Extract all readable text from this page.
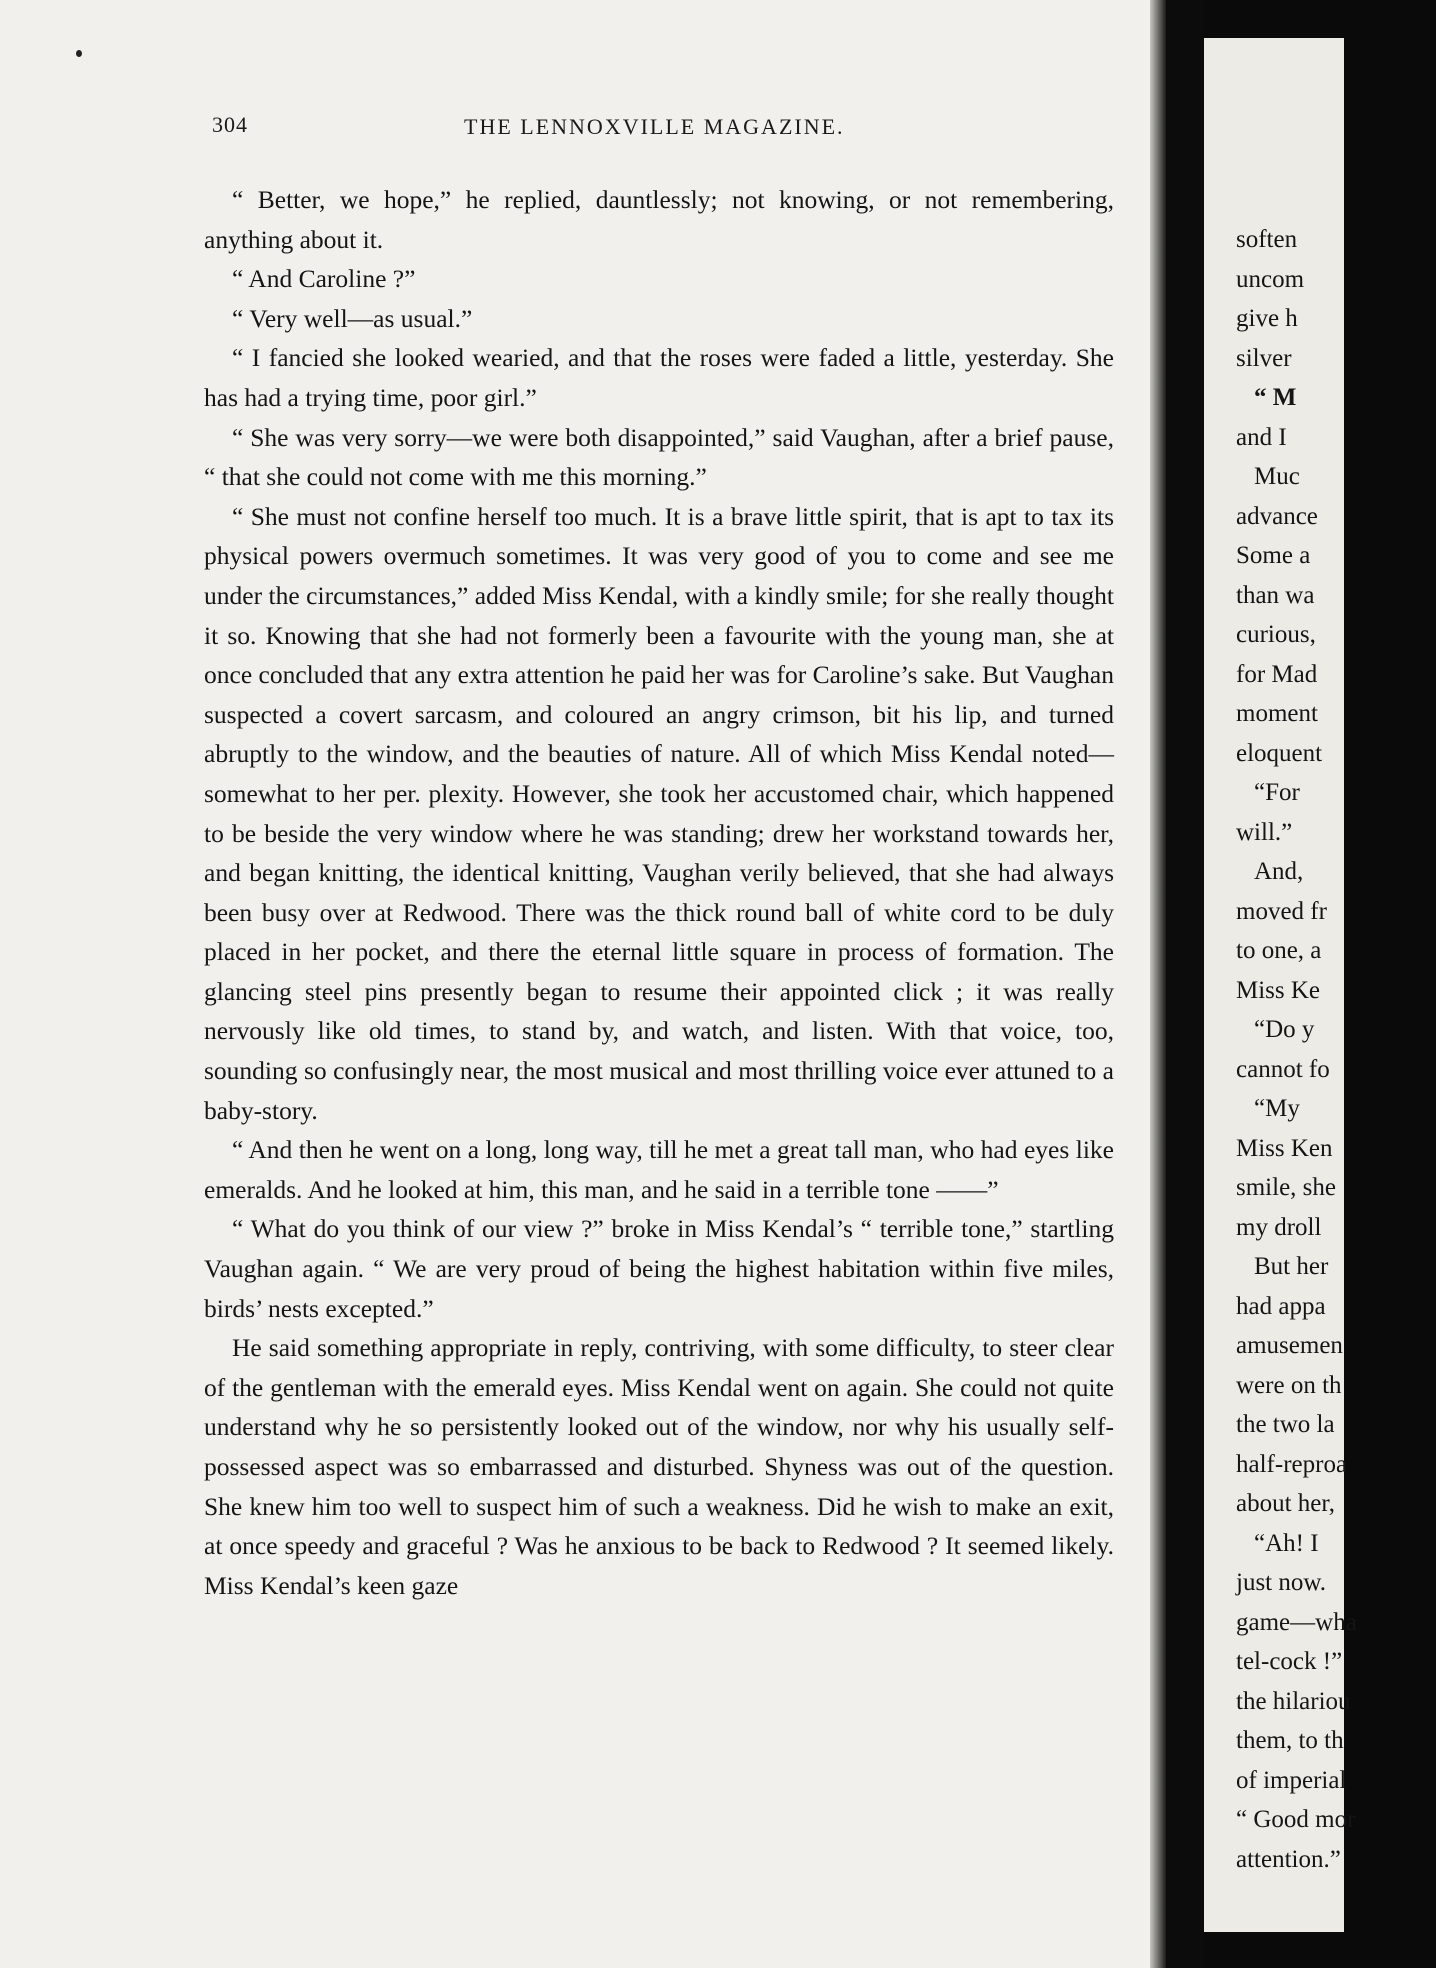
304	THE LENNOXVILLE MAGAZINE.

“ Better, we hope,” he replied, dauntlessly; not knowing, or not remembering, anything about it.

“ And Caroline ?”

“ Very well—as usual.”

“ I fancied she looked wearied, and that the roses were faded a little, yesterday. She has had a trying time, poor girl.”

“ She was very sorry—we were both disappointed,” said Vaughan, after a brief pause, “ that she could not come with me this morning.”

“ She must not confine herself too much. It is a brave little spirit, that is apt to tax its physical powers overmuch sometimes. It was very good of you to come and see me under the circumstances,” added Miss Kendal, with a kindly smile; for she really thought it so. Knowing that she had not formerly been a favourite with the young man, she at once concluded that any extra attention he paid her was for Caroline’s sake. But Vaughan suspected a covert sarcasm, and coloured an angry crimson, bit his lip, and turned abruptly to the window, and the beauties of nature. All of which Miss Kendal noted—somewhat to her per. plexity. However, she took her accustomed chair, which happened to be beside the very window where he was standing; drew her workstand towards her, and began knitting, the identical knitting, Vaughan verily believed, that she had always been busy over at Redwood. There was the thick round ball of white cord to be duly placed in her pocket, and there the eternal little square in process of formation. The glancing steel pins presently began to resume their appointed click ; it was really nervously like old times, to stand by, and watch, and listen. With that voice, too, sounding so confusingly near, the most musical and most thrilling voice ever attuned to a baby-story.

“ And then he went on a long, long way, till he met a great tall man, who had eyes like emeralds. And he looked at him, this man, and he said in a terrible tone ——”

“ What do you think of our view ?” broke in Miss Kendal’s “ terrible tone,” startling Vaughan again. “ We are very proud of being the highest habitation within five miles, birds’ nests excepted.”

He said something appropriate in reply, contriving, with some difficulty, to steer clear of the gentleman with the emerald eyes. Miss Kendal went on again. She could not quite understand why he so persistently looked out of the window, nor why his usually self-possessed aspect was so embarrassed and disturbed. Shyness was out of the question. She knew him too well to suspect him of such a weakness. Did he wish to make an exit, at once speedy and graceful ? Was he anxious to be back to Redwood ? It seemed likely. Miss Kendal’s keen gaze

soften
uncom
give h
silver
“ M
and I
Muc
advance
Some a
than wa
curious,
for Mad
moment
eloquent
“For
will.”
And,
moved fr
to one, a
Miss Ke
“Do y
cannot fo
“My
Miss Ken
smile, she
my droll
But her
had appa
amusemen
were on th
the two la
half-reproa
about her,
“Ah! I
just now.
game—wha
tel-cock !”
the hilariou
them, to th
of imperial
“ Good mor
attention.”
